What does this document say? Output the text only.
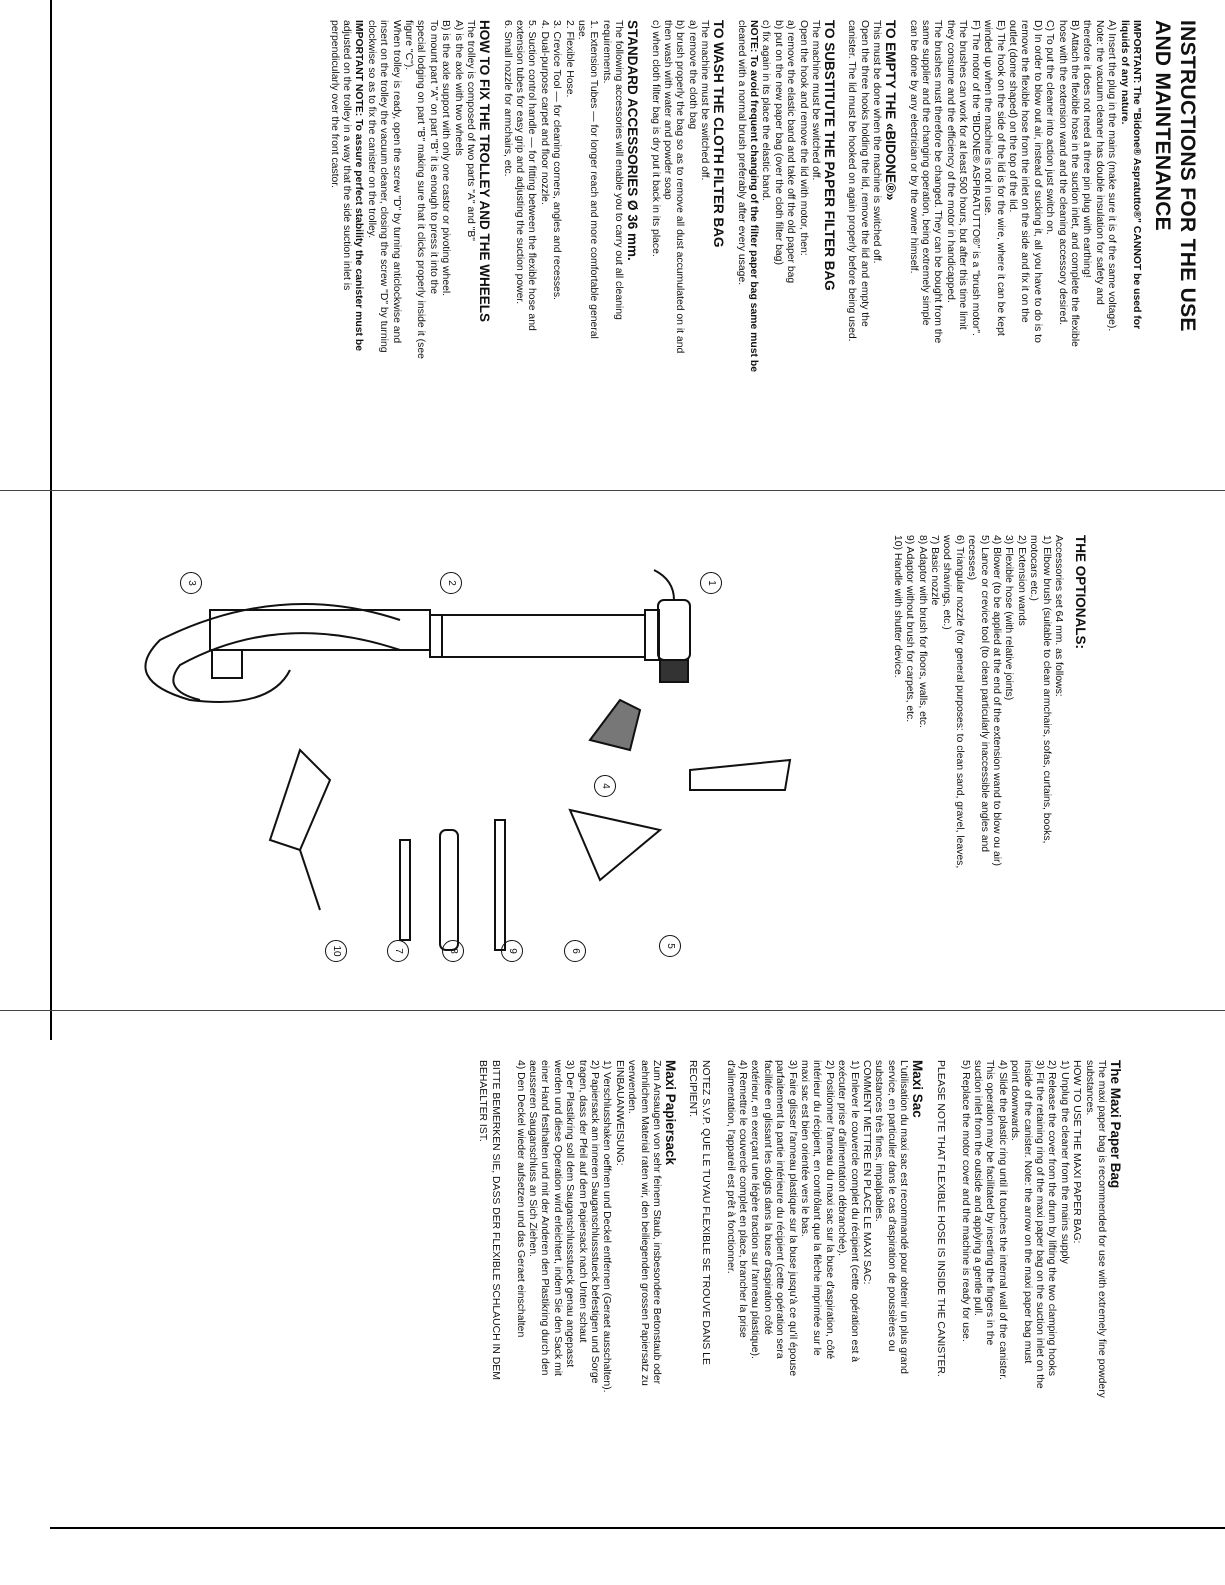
INSTRUCTIONS FOR THE USE
AND MAINTENANCE
IMPORTANT: The "Bidone® Aspratutto®" CANNOT be used for
liquids of any nature.
A) Insert the plug in the mains (make sure it is of the same voltage).
Note: the vacuum cleaner has double insulation for safety and
therefore it does not need a three pin plug with earthing!
B) Attach the flexible hose in the suction inlet, and complete the flexible
hose with the extension wand and the cleaning accessory desired.
C) To put the cleaner into action just switch on.
D) In order to blow out air, instead of sucking it, all you have to do is to
remove the flexible hose from the inlet on the side and fix it on the
outlet (dome shaped) on the top of the lid.
E) The hook on the side of the lid is for the wire, where it can be kept
winded up when the machine is not in use.
F) The motor of the "BIDONE® ASPIRATUTTO®" is a "brush motor".
The brushes can work for at least 500 hours, but after this time limit
they consume and the efficiency of the motor in handicapped.
The brushes must therefore be changed. They can be bought from the
same supplier and the changing operation, being extremely simple
can be done by any electrician or by the owner himself.
TO EMPTY THE «BIDONE®»
This must be done when the machine is switched off.
Open the three hooks holding the lid, remove the lid and empty the
canister. The lid must be hooked on again properly before being used.
TO SUBSTITUTE THE PAPER FILTER BAG
The machine must be switched off.
Open the hook and remove the lid with motor, then:
a) remove the elastic band and take off the old paper bag
b) put on the new paper bag (over the cloth filter bag)
c) fix again in its place the elastic band.
NOTE: To avoid frequent changing of the filter paper bag same must be
cleaned with a normal brush preferably after every usage.
TO WASH THE CLOTH FILTER BAG
The machine must be switched off.
a) remove the cloth bag
b) brush properly the bag so as to remove all dust accumulated on it and
then wash with water and powder soap
c) when cloth filter bag is dry put it back in its place.
STANDARD ACCESSORIES Ø 36 mm.
The following accessories will enable you to carry out all cleaning
requirements.
1. Extension Tubes — for longer reach and more comfortable general
use.
2. Flexible Hose.
3. Crevice Tool — for cleaning corners, angles and recesses.
4. Dual-purpose carpet and floor nozzle.
5. Suction control handle — for fitting between the flexible hose and
extension tubes for easy grip and adjusting the suction power.
6. Small nozzle for armchairs, etc.
HOW TO FIX THE TROLLEY AND THE WHEELS
The trolley is composed of two parts "A" and "B"
A) is the axle with two wheels
B) is the axle support with only one castor or pivoting wheel.
To mount part "A" on part "B" it is enough to press it into the
special lodging on part "B" making sure that it clicks properly inside it (see
figure "C").
When trolley is ready, open the screw "D" by turning anticlockwise and
insert on the trolley the vacuum cleaner, closing the screw "D" by turning
clockwise so as to fix the canister on the trolley.
IMPORTANT NOTE: To assure perfect stability the canister must be
adjusted on the trolley in a way that the side suction inlet is
perpendicularly over the front castor.
THE OPTIONALS:
Accessories set 64 mm. as follows:
1) Elbow brush (suitable to clean armchairs, sofas, curtains, books,
motocars etc.)
2) Extension wands
3) Flexible hose (with relative joints)
4) Blower (to be applied at the end of the extension wand to blow ou air)
5) Lance or crevice tool (to clean particularly inaccessible angles and
recesses)
6) Triangular nozzle (for general purposes: to clean sand, gravel, leaves,
wood shavings, etc.)
7) Basic nozzle
8) Adaptor with brush for floors, walls, etc.
9) Adaptor without brush for carpets, etc.
10) Handle with shutter device.
1
2
3
4
5
6
7	8	9
10
The Maxi Paper Bag
The maxi paper bag is recommended for use with extremely fine powdery
substances.
HOW TO USE THE MAXI PAPER BAG:
1) Unplug the cleaner from the mains supply
2) Release the cover from the drum by lifting the two clamping hooks
3) Fit the retaining ring of the maxi paper bag on the suction inlet on the
inside of the canister. Note: the arrow on the maxi paper bag must
point downwards.
4) Slide the plastic ring until it touches the internal wall of the canister.
This operation may be facilitated by inserting the fingers in the
suction inlet from the outside and applying a gentle pull.
5) Replace the motor cover and the machine is ready for use.

PLEASE NOTE THAT FLEXIBLE HOSE IS INSIDE THE CANISTER.
Maxi Sac
L'utilisation du maxi sac est recommandé pour obtenir un plus grand
service, en particulier dans le cas d'aspiration de poussières ou
substances très fines, impalpables.
COMMENT METTRE EN PLACE LE MAXI SAC:
1) Enlever le couvercle complet du récipient (cette opération est à
exécuter prise d'alimentation débranchée).
2) Positionner l'anneau du maxi sac sur la buse d'aspiration, côté
intérieur du récipient, en contrôlant que la flèche imprimée sur le
maxi sac est bien orientée vers le bas.
3) Faire glisser l'anneau plastique sur la buse jusqu'à ce qu'il épouse
parfaitement la partie intérieure du récipient (cette opération sera
facilitée en glissant les doigts dans la buse d'aspiration côté
extérieur, en exerçant une légère traction sur l'anneau plastique).
4) Remettre le couvercle complet en place, brancher la prise
d'alimentation, l'appareil est prêt à fonctionner.

NOTEZ S.V.P. QUE LE TUYAU FLEXIBLE SE TROUVE DANS LE
RECIPIENT.
Maxi Papiersack
Zum Ansaugen von sehr feinem Staub, insbesondere Betonstaub oder
aehnlichem Material raten wir, den beiliegenden grossen Papiersatz zu
verwenden.
EINBAUANWEISUNG:
1) Verschlusshaken oeffnen und Deckel entfernen (Geraet ausschalten).
2) Papiersack am inneren Sauganschlussstueck befestigen und Sorge
tragen, dass der Pfeil auf dem Papiersack nach Unten schaut
3) Der Plastikring soll dem Sauganschlussstueck genau angepasst
werden und diese Operation wird erleichtert, indem Sie den Sack mit
einer Hand festhalten und mit der Anderen den Plastikring durch den
aeusseren Sauganschluss an Sich Ziehen.
4) Den Deckel wieder aufsetzen und das Geraet einschalten

BITTE BEMERKEN SIE, DASS DER FLEXIBLE SCHLAUCH IN DEM
BEHAELTER IST.
